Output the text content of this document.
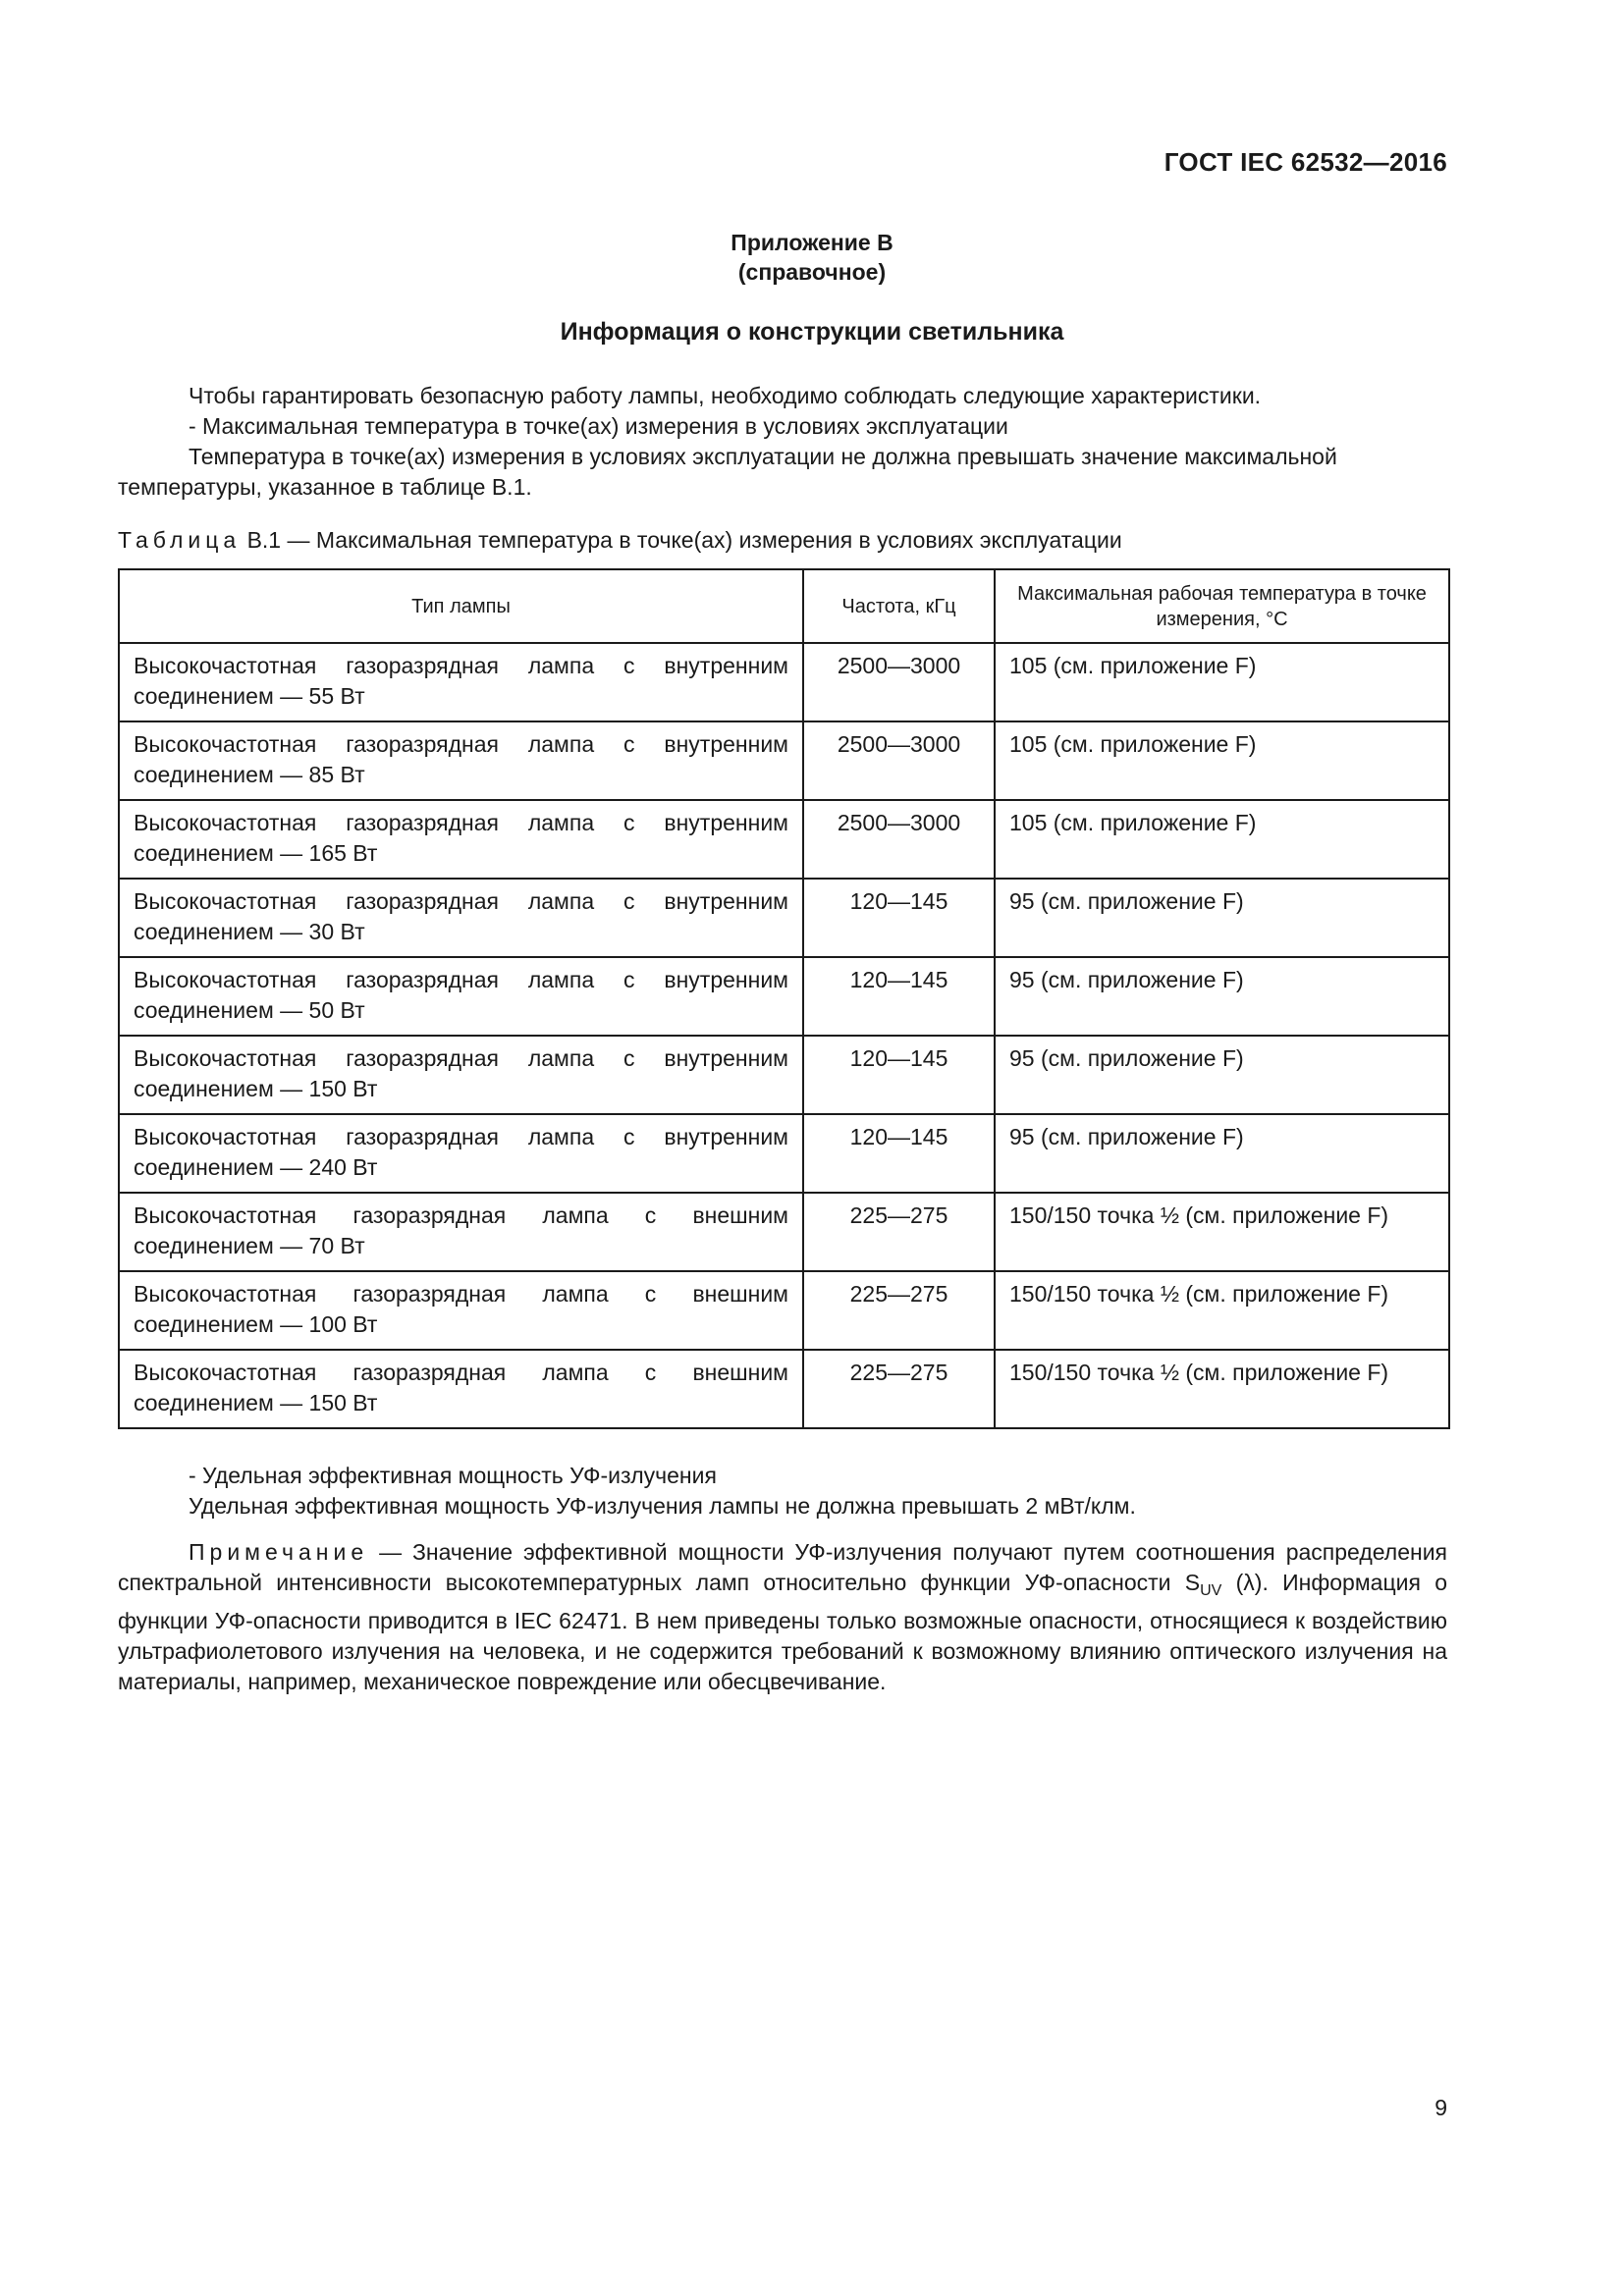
ГОСТ IEC 62532—2016
Приложение В
(справочное)
Информация о конструкции светильника

Чтобы гарантировать безопасную работу лампы, необходимо соблюдать следующие характеристики.

- Максимальная температура в точке(ах) измерения в условиях эксплуатации

Температура в точке(ах) измерения в условиях эксплуатации не должна превышать значение максимальной температуры, указанное в таблице В.1.

Таблица В.1 — Максимальная температура в точке(ах) измерения в условиях эксплуатации
Тип лампы	Частота, кГц	Максимальная рабочая температура в точке измерения, °С
Высокочастотная газоразрядная лампа с внутренним соединением — 55 Вт	2500—3000	105 (см. приложение F)
Высокочастотная газоразрядная лампа с внутренним соединением — 85 Вт	2500—3000	105 (см. приложение F)
Высокочастотная газоразрядная лампа с внутренним соединением — 165 Вт	2500—3000	105 (см. приложение F)
Высокочастотная газоразрядная лампа с внутренним соединением — 30 Вт	120—145	95 (см. приложение F)
Высокочастотная газоразрядная лампа с внутренним соединением — 50 Вт	120—145	95 (см. приложение F)
Высокочастотная газоразрядная лампа с внутренним соединением — 150 Вт	120—145	95 (см. приложение F)
Высокочастотная газоразрядная лампа с внутренним соединением — 240 Вт	120—145	95 (см. приложение F)
Высокочастотная газоразрядная лампа с внешним соединением — 70 Вт	225—275	150/150 точка ½ (см. приложение F)
Высокочастотная газоразрядная лампа с внешним соединением — 100 Вт	225—275	150/150 точка ½ (см. приложение F)
Высокочастотная газоразрядная лампа с внешним соединением — 150 Вт	225—275	150/150 точка ½ (см. приложение F)

- Удельная эффективная мощность УФ-излучения

Удельная эффективная мощность УФ-излучения лампы не должна превышать 2 мВт/клм.

Примечание — Значение эффективной мощности УФ-излучения получают путем соотношения распределения спектральной интенсивности высокотемпературных ламп относительно функции УФ-опасности $S_{UV}$ (λ). Информация о функции УФ-опасности приводится в IEC 62471. В нем приведены только возможные опасности, относящиеся к воздействию ультрафиолетового излучения на человека, и не содержится требований к возможному влиянию оптического излучения на материалы, например, механическое повреждение или обесцвечивание.

9
